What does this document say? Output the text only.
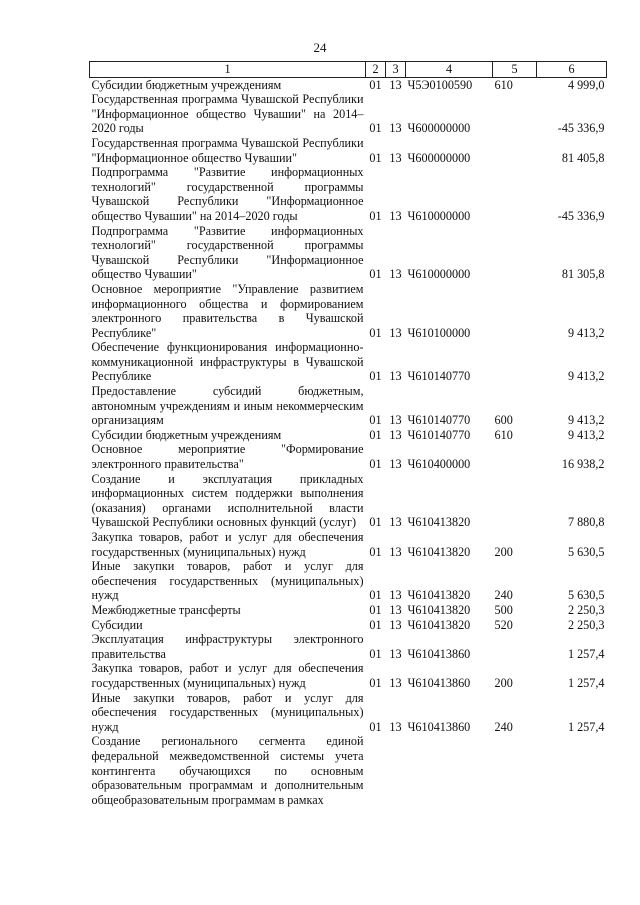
24
1	2	3	4	5	6
Субсидии бюджетным учреждениям	01	13	Ч5Э0100590	610	4 999,0
Государственная программа Чувашской Республики "Информационное общество Чувашии" на 2014–2020 годы	01	13	Ч600000000		-45 336,9
Государственная программа Чувашской Республики "Информационное общество Чувашии"	01	13	Ч600000000		81 405,8
Подпрограмма "Развитие информационных технологий" государственной программы Чувашской Республики "Информационное общество Чувашии" на 2014–2020 годы	01	13	Ч610000000		-45 336,9
Подпрограмма "Развитие информационных технологий" государственной программы Чувашской Республики "Информационное общество Чувашии"	01	13	Ч610000000		81 305,8
Основное мероприятие "Управление развитием информационного общества и формированием электронного правительства в Чувашской Республике"	01	13	Ч610100000		9 413,2
Обеспечение функционирования информационно-коммуникационной инфраструктуры в Чувашской Республике	01	13	Ч610140770		9 413,2
Предоставление субсидий бюджетным, автономным учреждениям и иным некоммерческим организациям	01	13	Ч610140770	600	9 413,2
Субсидии бюджетным учреждениям	01	13	Ч610140770	610	9 413,2
Основное мероприятие "Формирование электронного правительства"	01	13	Ч610400000		16 938,2
Создание и эксплуатация прикладных информационных систем поддержки выполнения (оказания) органами исполнительной власти Чувашской Республики основных функций (услуг)	01	13	Ч610413820		7 880,8
Закупка товаров, работ и услуг для обеспечения государственных (муниципальных) нужд	01	13	Ч610413820	200	5 630,5
Иные закупки товаров, работ и услуг для обеспечения государственных (муниципальных) нужд	01	13	Ч610413820	240	5 630,5
Межбюджетные трансферты	01	13	Ч610413820	500	2 250,3
Субсидии	01	13	Ч610413820	520	2 250,3
Эксплуатация инфраструктуры электронного правительства	01	13	Ч610413860		1 257,4
Закупка товаров, работ и услуг для обеспечения государственных (муниципальных) нужд	01	13	Ч610413860	200	1 257,4
Иные закупки товаров, работ и услуг для обеспечения государственных (муниципальных) нужд	01	13	Ч610413860	240	1 257,4
Создание регионального сегмента единой федеральной межведомственной системы учета контингента обучающихся по основным образовательным программам и дополнительным общеобразовательным программам в рамках					
